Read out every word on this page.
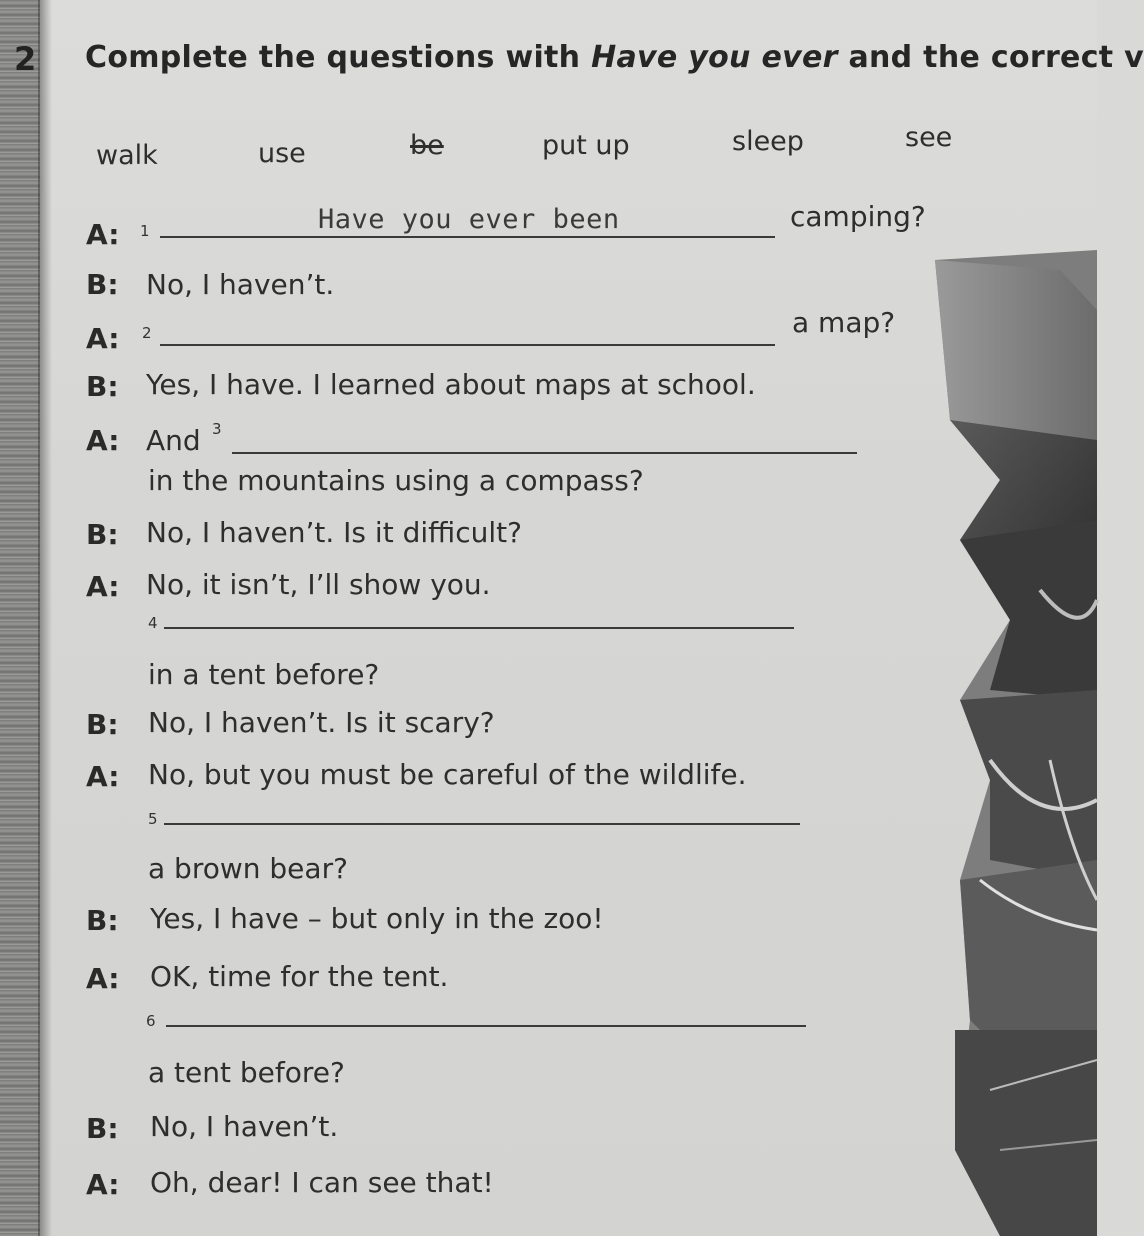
2 Complete the questions with Have you ever and the correct v
walk	use	be	put up	sleep	see
A: 1	Have you ever been	camping?
B: No, I haven’t.
A: 2	a map?
B: Yes, I have. I learned about maps at school.
A: And 3
in the mountains using a compass?
B: No, I haven’t. Is it difficult?
A: No, it isn’t, I’ll show you.
4
in a tent before?
B: No, I haven’t. Is it scary?
A: No, but you must be careful of the wildlife.
5
a brown bear?
B: Yes, I have – but only in the zoo!
A: OK, time for the tent.
6
a tent before?
B: No, I haven’t.
A: Oh, dear! I can see that!
